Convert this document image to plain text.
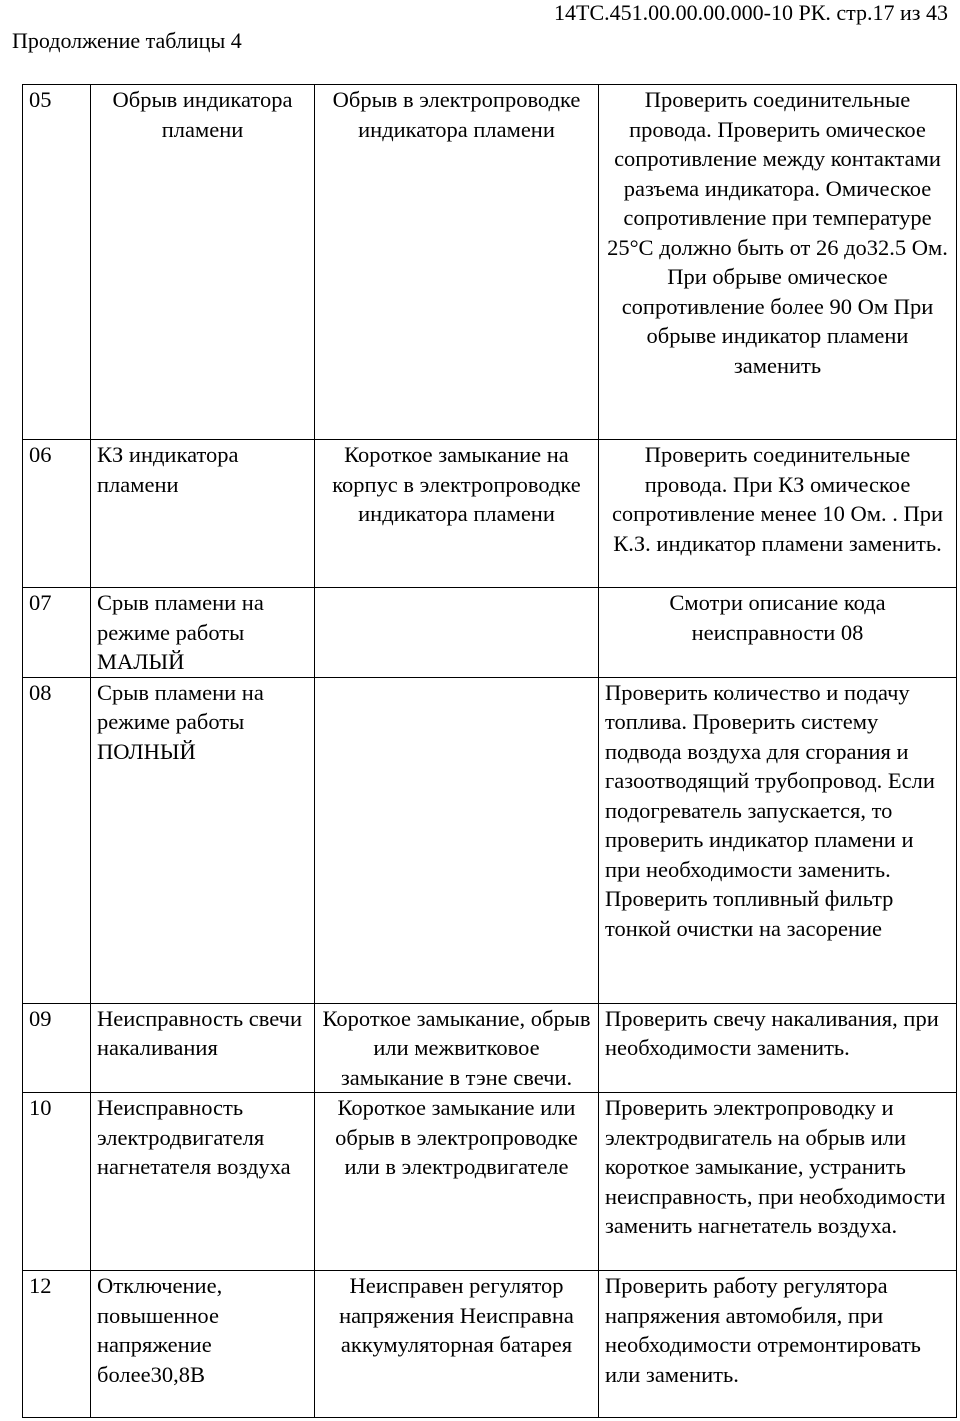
14ТС.451.00.00.00.000-10 РК. стр.17 из 43
Продолжение таблицы 4
05	Обрыв индикатора пламени	Обрыв в электропроводке индикатора пламени	Проверить соединительные провода. Проверить омическое сопротивление между контактами разъема индикатора. Омическое сопротивление при температуре 25°С должно быть от 26 до32.5 Ом. При обрыве омическое сопротивление более 90 Ом При обрыве индикатор пламени заменить
06	КЗ индикатора пламени	Короткое замыкание на корпус в электропроводке индикатора пламени	Проверить соединительные провода. При КЗ омическое сопротивление менее 10 Ом. . При К.З. индикатор пламени заменить.
07	Срыв пламени на режиме работы МАЛЫЙ		Смотри описание кода неисправности 08
08	Срыв пламени на режиме работы ПОЛНЫЙ		Проверить количество и подачу топлива. Проверить систему подвода воздуха для сгорания и газоотводящий трубопровод. Если подогреватель запускается, то проверить индикатор пламени и при необходимости заменить. Проверить топливный фильтр тонкой очистки на засорение
09	Неисправность свечи накаливания	Короткое замыкание, обрыв или межвитковое замыкание в тэне свечи.	Проверить свечу накаливания, при необходимости заменить.
10	Неисправность электродвигателя нагнетателя воздуха	Короткое замыкание или обрыв в электропроводке или в электродвигателе	Проверить электропроводку и электродвигатель на обрыв или короткое замыкание, устранить неисправность, при необходимости заменить нагнетатель воздуха.
12	Отключение, повышенное напряжение более30,8В	Неисправен регулятор напряжения Неисправна аккумуляторная батарея	Проверить работу регулятора напряжения автомобиля, при необходимости отремонтировать или заменить.
